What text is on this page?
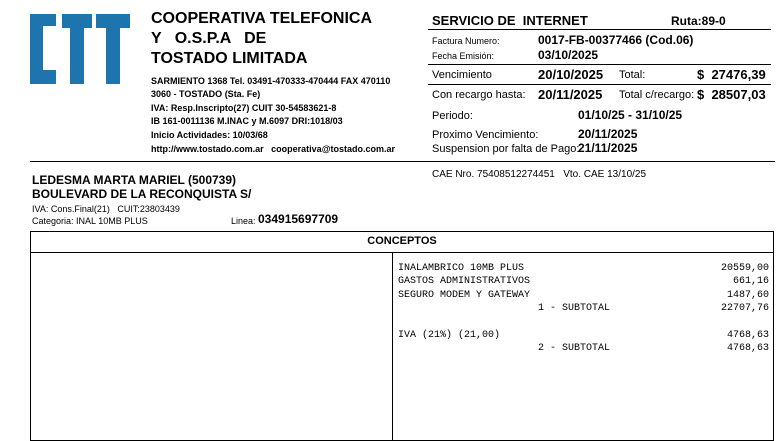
COOPERATIVA TELEFONICA
Y   O.S.P.A   DE
TOSTADO LIMITADA
SARMIENTO 1368 Tel. 03491-470333-470444 FAX 470110
3060 - TOSTADO (Sta. Fe)
IVA: Resp.Inscripto(27) CUIT 30-54583621-8
IB 161-0011136 M.INAC y M.6097 DRI:1018/03
Inicio Actividades: 10/03/68
http://www.tostado.com.ar   cooperativa@tostado.com.ar
SERVICIO DE  INTERNET	Ruta:89-0
Factura Numero:	0017-FB-00377466 (Cod.06)
Fecha Emisión:	03/10/2025
Vencimiento	20/10/2025 Total:	$  27476,39
Con recargo hasta: 20/11/2025 Total c/recargo: $  28507,03
Periodo:	01/10/25 - 31/10/25
Proximo Vencimiento:	20/11/2025
Suspension por falta de Pago:
21/11/2025
CAE Nro. 75408512274451   Vto. CAE 13/10/25
LEDESMA MARTA MARIEL (500739)
BOULEVARD DE LA RECONQUISTA S/
IVA: Cons.Final(21)   CUIT:23803439
Categoria: INAL 10MB PLUS	Linea: 034915697709
CONCEPTOS
INALAMBRICO 10MB PLUS	20559,00
GASTOS ADMINISTRATIVOS	661,16
SEGURO MODEM Y GATEWAY	1487,60
1 - SUBTOTAL	22707,76
IVA (21%) (21,00)	4768,63
2 - SUBTOTAL	4768,63
